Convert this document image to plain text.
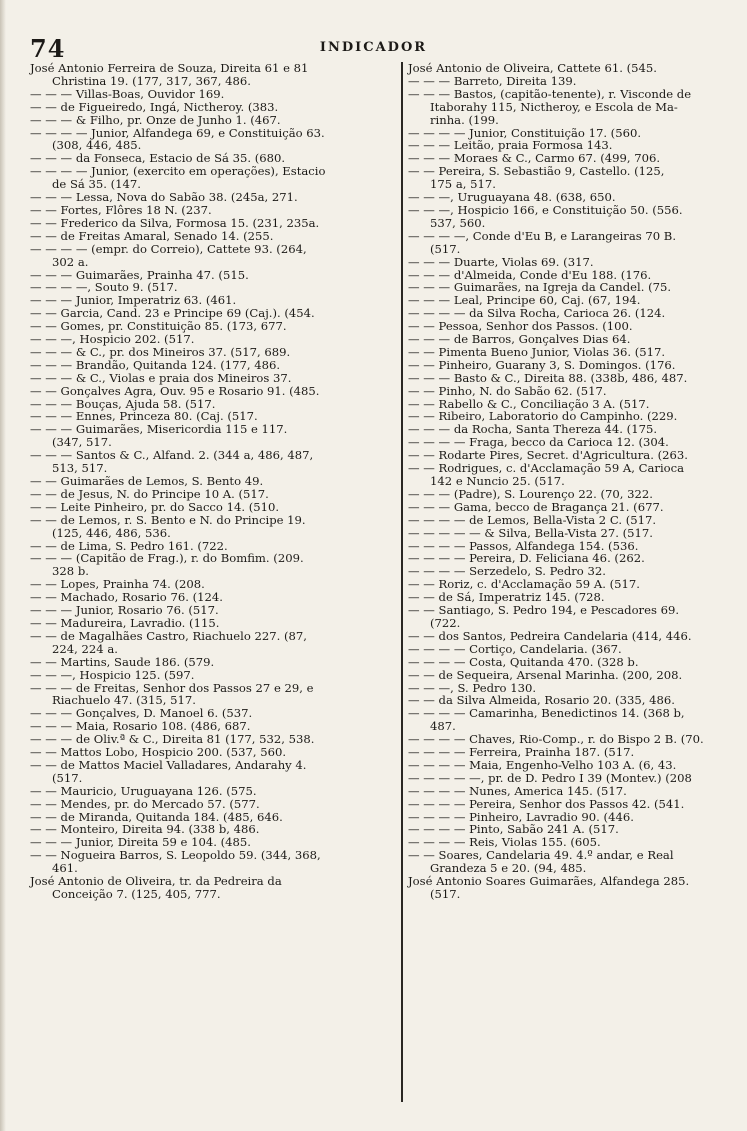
74	INDICADOR
José Antonio Ferreira de Souza, Direita 61 e 81
Christina 19. (177, 317, 367, 486.
— — — Villas-Boas, Ouvidor 169.
— — de Figueiredo, Ingá, Nictheroy. (383.
— — — & Filho, pr. Onze de Junho 1. (467.
— — — — Junior, Alfandega 69, e Constituição 63.
(308, 446, 485.
— — — da Fonseca, Estacio de Sá 35. (680.
— — — — Junior, (exercito em operações), Estacio
de Sá 35. (147.
— — — Lessa, Nova do Sabão 38. (245a, 271.
— — Fortes, Flôres 18 N. (237.
— — Frederico da Silva, Formosa 15. (231, 235a.
— — de Freitas Amaral, Senado 14. (255.
— — — — (empr. do Correio), Cattete 93. (264,
302 a.
— — — Guimarães, Prainha 47. (515.
— — — —, Souto 9. (517.
— — — Junior, Imperatriz 63. (461.
— — Garcia, Cand. 23 e Principe 69 (Caj.). (454.
— — Gomes, pr. Constituição 85. (173, 677.
— — —, Hospicio 202. (517.
— — — & C., pr. dos Mineiros 37. (517, 689.
— — — Brandão, Quitanda 124. (177, 486.
— — — & C., Violas e praia dos Mineiros 37.
— — Gonçalves Agra, Ouv. 95 e Rosario 91. (485.
— — — Bouças, Ajuda 58. (517.
— — — Ennes, Princeza 80. (Caj. (517.
— — — Guimarães, Misericordia 115 e 117.
(347, 517.
— — — Santos & C., Alfand. 2. (344 a, 486, 487,
513, 517.
— — Guimarães de Lemos, S. Bento 49.
— — de Jesus, N. do Principe 10 A. (517.
— — Leite Pinheiro, pr. do Sacco 14. (510.
— — de Lemos, r. S. Bento e N. do Principe 19.
(125, 446, 486, 536.
— — de Lima, S. Pedro 161. (722.
— — — (Capitão de Frag.), r. do Bomfim. (209.
328 b.
— — Lopes, Prainha 74. (208.
— — Machado, Rosario 76. (124.
— — — Junior, Rosario 76. (517.
— — Madureira, Lavradio. (115.
— — de Magalhães Castro, Riachuelo 227. (87,
224, 224 a.
— — Martins, Saude 186. (579.
— — —, Hospicio 125. (597.
— — — de Freitas, Senhor dos Passos 27 e 29, e
Riachuelo 47. (315, 517.
— — — Gonçalves, D. Manoel 6. (537.
— — — Maia, Rosario 108. (486, 687.
— — — de Oliv.ª & C., Direita 81 (177, 532, 538.
— — Mattos Lobo, Hospicio 200. (537, 560.
— — de Mattos Maciel Valladares, Andarahy 4.
(517.
— — Mauricio, Uruguayana 126. (575.
— — Mendes, pr. do Mercado 57. (577.
— — de Miranda, Quitanda 184. (485, 646.
— — Monteiro, Direita 94. (338 b, 486.
— — — Junior, Direita 59 e 104. (485.
— — Nogueira Barros, S. Leopoldo 59. (344, 368,
461.
José Antonio de Oliveira, tr. da Pedreira da
Conceição 7. (125, 405, 777.
José Antonio de Oliveira, Cattete 61. (545.
— — — Barreto, Direita 139.
— — — Bastos, (capitão-tenente), r. Visconde de
Itaborahy 115, Nictheroy, e Escola de Ma-
rinha. (199.
— — — — Junior, Constituição 17. (560.
— — — Leitão, praia Formosa 143.
— — — Moraes & C., Carmo 67. (499, 706.
— — Pereira, S. Sebastião 9, Castello. (125,
175 a, 517.
— — —, Uruguayana 48. (638, 650.
— — —, Hospicio 166, e Constituição 50. (556.
537, 560.
— — — —, Conde d'Eu B, e Larangeiras 70 B.
(517.
— — — Duarte, Violas 69. (317.
— — — d'Almeida, Conde d'Eu 188. (176.
— — — Guimarães, na Igreja da Candel. (75.
— — — Leal, Principe 60, Caj. (67, 194.
— — — — da Silva Rocha, Carioca 26. (124.
— — Pessoa, Senhor dos Passos. (100.
— — — de Barros, Gonçalves Dias 64.
— — Pimenta Bueno Junior, Violas 36. (517.
— — Pinheiro, Guarany 3, S. Domingos. (176.
— — — Basto & C., Direita 88. (338b, 486, 487.
— — Pinho, N. do Sabão 62. (517.
— — Rabello & C., Conciliação 3 A. (517.
— — Ribeiro, Laboratorio do Campinho. (229.
— — — da Rocha, Santa Thereza 44. (175.
— — — — Fraga, becco da Carioca 12. (304.
— — Rodarte Pires, Secret. d'Agricultura. (263.
— — Rodrigues, c. d'Acclamação 59 A, Carioca
142 e Nuncio 25. (517.
— — — (Padre), S. Lourenço 22. (70, 322.
— — — Gama, becco de Bragança 21. (677.
— — — — de Lemos, Bella-Vista 2 C. (517.
— — — — — & Silva, Bella-Vista 27. (517.
— — — — Passos, Alfandega 154. (536.
— — — — Pereira, D. Feliciana 46. (262.
— — — — Serzedelo, S. Pedro 32.
— — Roriz, c. d'Acclamação 59 A. (517.
— — de Sá, Imperatriz 145. (728.
— — Santiago, S. Pedro 194, e Pescadores 69.
(722.
— — dos Santos, Pedreira Candelaria (414, 446.
— — — — Cortiço, Candelaria. (367.
— — — — Costa, Quitanda 470. (328 b.
— — de Sequeira, Arsenal Marinha. (200, 208.
— — —, S. Pedro 130.
— — da Silva Almeida, Rosario 20. (335, 486.
— — — — Camarinha, Benedictinos 14. (368 b,
487.
— — — — Chaves, Rio-Comp., r. do Bispo 2 B. (70.
— — — — Ferreira, Prainha 187. (517.
— — — — Maia, Engenho-Velho 103 A. (6, 43.
— — — — —, pr. de D. Pedro I 39 (Montev.) (208
— — — — Nunes, America 145. (517.
— — — — Pereira, Senhor dos Passos 42. (541.
— — — — Pinheiro, Lavradio 90. (446.
— — — — Pinto, Sabão 241 A. (517.
— — — — Reis, Violas 155. (605.
— — Soares, Candelaria 49. 4.º andar, e Real
Grandeza 5 e 20. (94, 485.
José Antonio Soares Guimarães, Alfandega 285.
(517.
